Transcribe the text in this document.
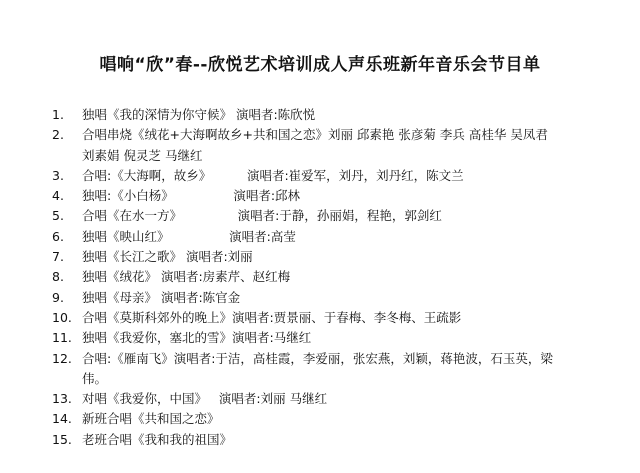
唱响“欣”春--欣悦艺术培训成人声乐班新年音乐会节目单
1.	独唱《我的深情为你守候》 演唱者:陈欣悦
2.	合唱串烧《绒花+大海啊故乡+共和国之恋》刘丽 邱素艳 张彦菊 李兵 高桂华 吴凤君
刘素娟 倪灵芝 马继红
3.	合唱:《大海啊，故乡》         演唱者:崔爱军，刘丹，刘丹红，陈文兰
4.	独唱:《小白杨》               演唱者:邱林
5.	合唱《在水一方》              演唱者:于静，孙丽娟，程艳，郭剑红
6.	独唱《映山红》               演唱者:高莹
7.	独唱《长江之歌》 演唱者:刘丽
8.	独唱《绒花》 演唱者:房素芹、赵红梅
9.	独唱《母亲》 演唱者:陈官金
10. 合唱《莫斯科郊外的晚上》演唱者:贾景丽、于春梅、李冬梅、王疏影
11. 独唱《我爱你，塞北的雪》演唱者:马继红
12. 合唱:《雁南飞》演唱者:于洁，高桂霞，李爱丽，张宏燕，刘颖，蒋艳波，石玉英，梁
伟。
13. 对唱《我爱你，中国》   演唱者:刘丽 马继红
14. 新班合唱《共和国之恋》
15. 老班合唱《我和我的祖国》
